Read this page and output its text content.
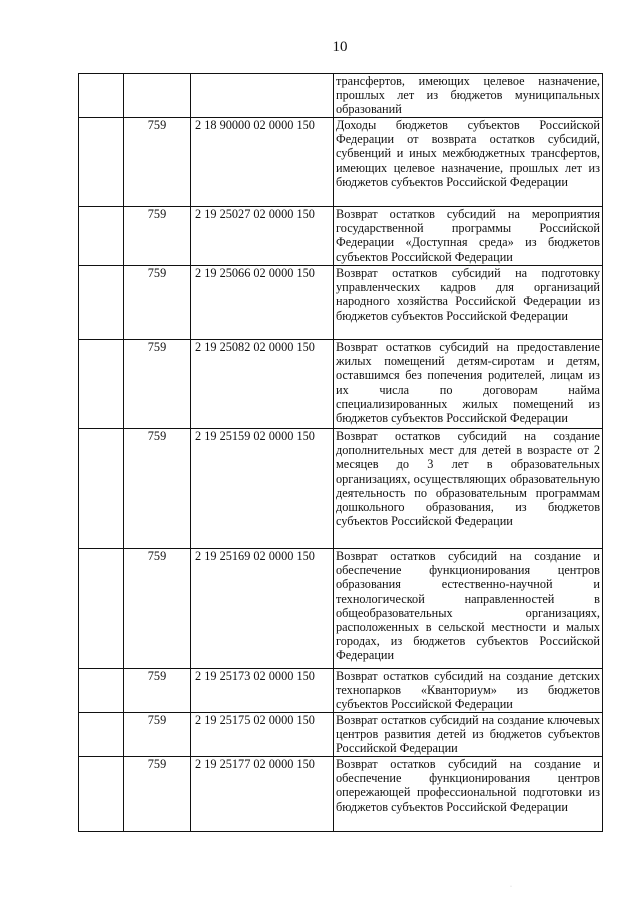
10
			трансфертов, имеющих целевое назначение, прошлых лет из бюджетов муниципальных образований
	759	2 18 90000 02 0000 150	Доходы бюджетов субъектов Российской Федерации от возврата остатков субсидий, субвенций и иных межбюджетных трансфертов, имеющих целевое назначение, прошлых лет из бюджетов субъектов Российской Федерации
	759	2 19 25027 02 0000 150	Возврат остатков субсидий на мероприятия государственной программы Российской Федерации «Доступная среда» из бюджетов субъектов Российской Федерации
	759	2 19 25066 02 0000 150	Возврат остатков субсидий на подготовку управленческих кадров для организаций народного хозяйства Российской Федерации из бюджетов субъектов Российской Федерации
	759	2 19 25082 02 0000 150	Возврат остатков субсидий на предоставление жилых помещений детям-сиротам и детям, оставшимся без попечения родителей, лицам из их числа по договорам найма специализированных жилых помещений из бюджетов субъектов Российской Федерации
	759	2 19 25159 02 0000 150	Возврат остатков субсидий на создание дополнительных мест для детей в возрасте от 2 месяцев до 3 лет в образовательных организациях, осуществляющих образовательную деятельность по образовательным программам дошкольного образования, из бюджетов субъектов Российской Федерации
	759	2 19 25169 02 0000 150	Возврат остатков субсидий на создание и обеспечение функционирования центров образования естественно-научной и технологической направленностей в общеобразовательных организациях, расположенных в сельской местности и малых городах, из бюджетов субъектов Российской Федерации
	759	2 19 25173 02 0000 150	Возврат остатков субсидий на создание детских технопарков «Кванториум» из бюджетов субъектов Российской Федерации
	759	2 19 25175 02 0000 150	Возврат остатков субсидий на создание ключевых центров развития детей из бюджетов субъектов Российской Федерации
	759	2 19 25177 02 0000 150	Возврат остатков субсидий на создание и обеспечение функционирования центров опережающей профессиональной подготовки из бюджетов субъектов Российской Федерации
·
